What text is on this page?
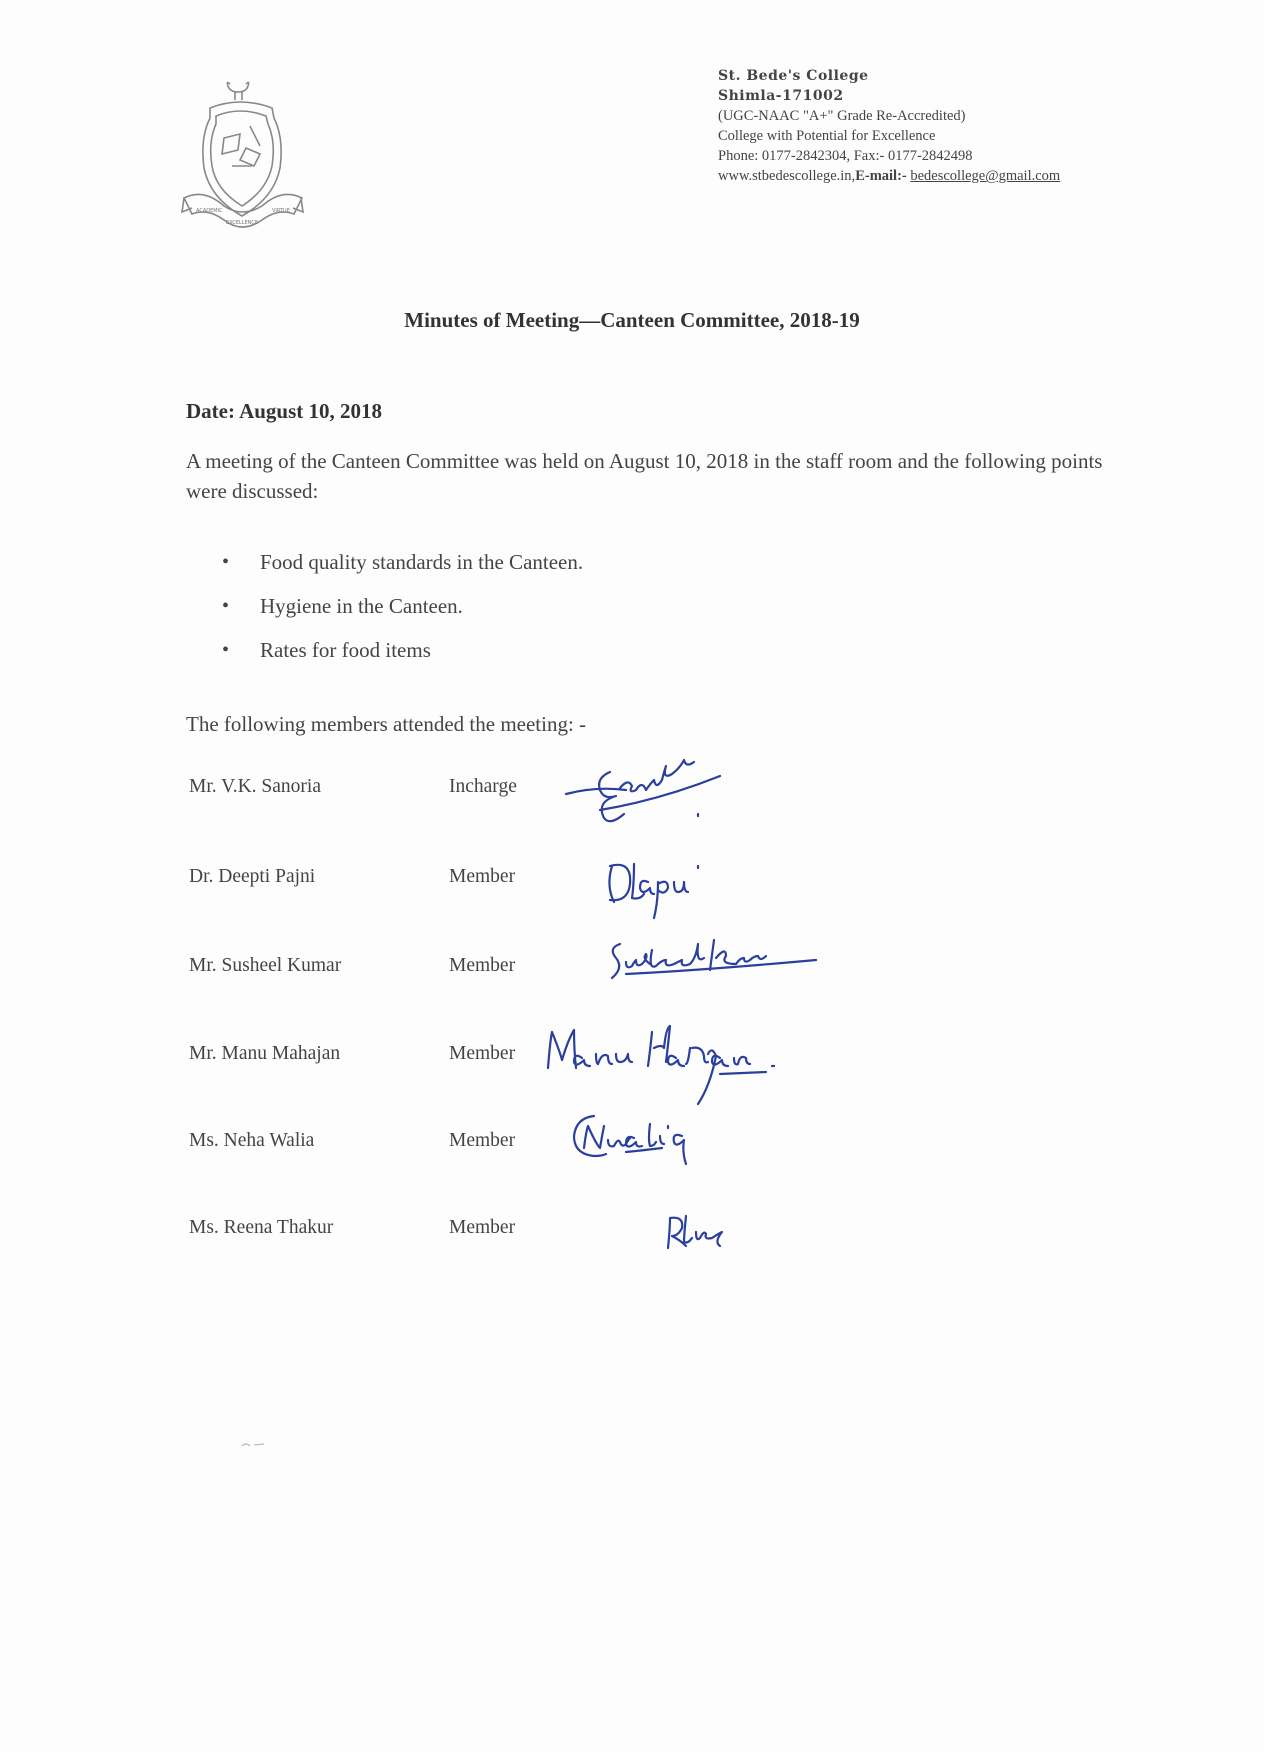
ACADEMIC
EXCELLENCE
VIRTUE
St. Bede's College
Shimla-171002
(UGC-NAAC "A+" Grade Re-Accredited)
College with Potential for Excellence
Phone: 0177-2842304, Fax:- 0177-2842498
www.stbedescollege.in,E-mail:- bedescollege@gmail.com
Minutes of Meeting—Canteen Committee, 2018-19
Date: August 10, 2018
A meeting of the Canteen Committee was held on August 10, 2018 in the staff room and the following points were discussed:
• Food quality standards in the Canteen.
• Hygiene in the Canteen.
• Rates for food items
The following members attended the meeting: -
Mr. V.K. Sanoria	Incharge
Dr. Deepti Pajni	Member
Mr. Susheel Kumar	Member
Mr. Manu Mahajan	Member
Ms. Neha Walia	Member
Ms. Reena Thakur	Member
